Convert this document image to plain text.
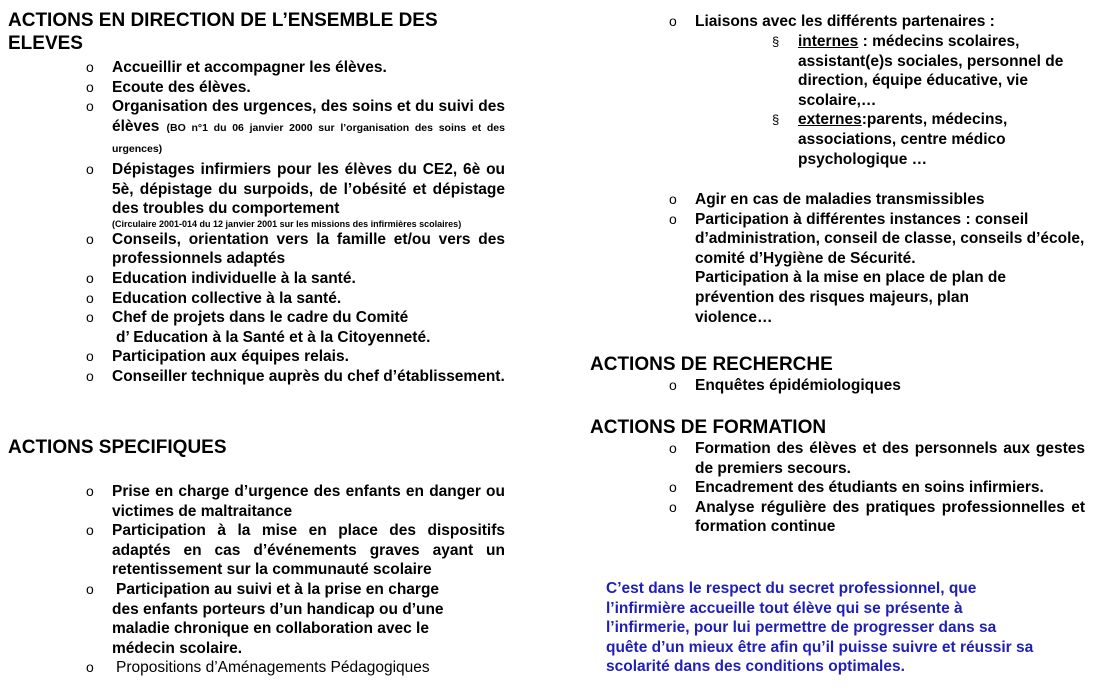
ACTIONS EN DIRECTION DE L’ENSEMBLE DES
ELEVES

o Accueillir et accompagner les élèves.
o Ecoute des élèves.
o Organisation des urgences, des soins et du suivi des élèves (BO n°1 du 06 janvier 2000 sur l’organisation des soins et des urgences)
o Dépistages infirmiers pour les élèves du CE2, 6è ou 5è, dépistage du surpoids, de l’obésité et dépistage des troubles du comportement

(Circulaire 2001-014 du 12 janvier 2001 sur les missions des infirmières scolaires)
o Conseils, orientation vers la famille et/ou vers des professionnels adaptés
o Education individuelle à la santé.
o Education collective à la santé.
o Chef de projets dans le cadre du Comité
d’ Education à la Santé et à la Citoyenneté.
o Participation aux équipes relais.
o Conseiller technique auprès du chef d’établissement.

ACTIONS SPECIFIQUES

o Prise en charge d’urgence des enfants en danger ou victimes de maltraitance
o Participation à la mise en place des dispositifs adaptés en cas d’événements graves ayant un retentissement sur la communauté scolaire
o Participation au suivi et à la prise en charge
des enfants porteurs d’un handicap ou d’une
maladie chronique en collaboration avec le
médecin scolaire.
o Propositions d’Aménagements Pédagogiques
o Liaisons avec les différents partenaires :
§ internes : médecins scolaires, assistant(e)s sociales, personnel de direction, équipe éducative, vie scolaire,…
§ externes:parents, médecins, associations, centre médico psychologique …
o Agir en cas de maladies transmissibles
o Participation à différentes instances : conseil d’administration, conseil de classe, conseils d’école, comité d’Hygiène de Sécurité.
Participation à la mise en place de plan de
prévention des risques majeurs, plan
violence…

ACTIONS DE RECHERCHE

o Enquêtes épidémiologiques

ACTIONS DE FORMATION

o Formation des élèves et des personnels aux gestes de premiers secours.
o Encadrement des étudiants en soins infirmiers.
o Analyse régulière des pratiques professionnelles et formation continue
C’est dans le respect du secret professionnel, que
l’infirmière accueille tout élève qui se présente à
l’infirmerie, pour lui permettre de progresser dans sa
quête d’un mieux être afin qu’il puisse suivre et réussir sa
scolarité dans des conditions optimales.
